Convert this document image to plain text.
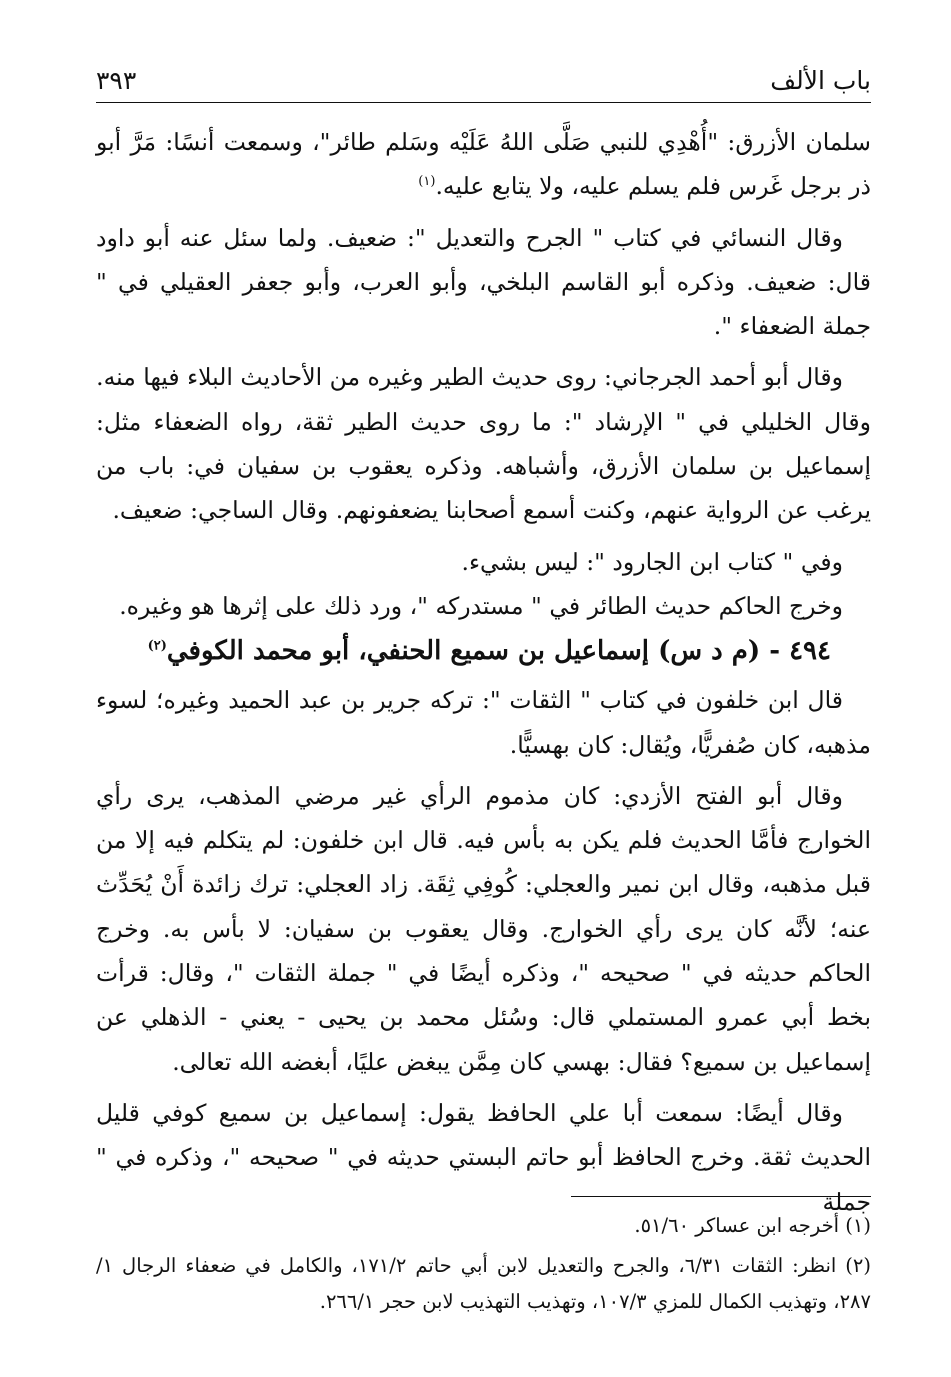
باب الألف
٣٩٣

سلمان الأزرق: "أُهْدِي للنبي صَلَّى اللهُ عَلَيْه وسَلم طائر"، وسمعت أنسًا: مَرَّ أبو ذر برجل غَرس فلم يسلم عليه، ولا يتابع عليه.$^{(١)}$

وقال النسائي في كتاب " الجرح والتعديل ": ضعيف. ولما سئل عنه أبو داود قال: ضعيف. وذكره أبو القاسم البلخي، وأبو العرب، وأبو جعفر العقيلي في " جملة الضعفاء ".

وقال أبو أحمد الجرجاني: روى حديث الطير وغيره من الأحاديث البلاء فيها منه.

وقال الخليلي في " الإرشاد ": ما روى حديث الطير ثقة، رواه الضعفاء مثل: إسماعيل بن سلمان الأزرق، وأشباهه. وذكره يعقوب بن سفيان في: باب من يرغب عن الرواية عنهم، وكنت أسمع أصحابنا يضعفونهم. وقال الساجي: ضعيف.

وفي " كتاب ابن الجارود ": ليس بشيء.

وخرج الحاكم حديث الطائر في " مستدركه "، ورد ذلك على إثرها هو وغيره.

٤٩٤ - (م د س) إسماعيل بن سميع الحنفي، أبو محمد الكوفي$^{(٢)}$

قال ابن خلفون في كتاب " الثقات ": تركه جرير بن عبد الحميد وغيره؛ لسوء مذهبه، كان صُفريًّا، ويُقال: كان بهسيًّا.

وقال أبو الفتح الأزدي: كان مذموم الرأي غير مرضي المذهب، يرى رأي الخوارج فأمَّا الحديث فلم يكن به بأس فيه. قال ابن خلفون: لم يتكلم فيه إلا من قبل مذهبه، وقال ابن نمير والعجلي: كُوفِي ثِقَة. زاد العجلي: ترك زائدة أَنْ يُحَدِّث عنه؛ لأنَّه كان يرى رأي الخوارج. وقال يعقوب بن سفيان: لا بأس به. وخرج الحاكم حديثه في " صحيحه "، وذكره أيضًا في " جملة الثقات "، وقال: قرأت بخط أبي عمرو المستملي قال: وسُئل محمد بن يحيى - يعني - الذهلي عن إسماعيل بن سميع؟ فقال: بهسي كان مِمَّن يبغض عليًا، أبغضه الله تعالى.

وقال أيضًا: سمعت أبا علي الحافظ يقول: إسماعيل بن سميع كوفي قليل الحديث ثقة. وخرج الحافظ أبو حاتم البستي حديثه في " صحيحه "، وذكره في " جملة

(١) أخرجه ابن عساكر ٥١/٦٠.

(٢) انظر: الثقات ٦/٣١، والجرح والتعديل لابن أبي حاتم ١٧١/٢، والكامل في ضعفاء الرجال ١/ ٢٨٧، وتهذيب الكمال للمزي ١٠٧/٣، وتهذيب التهذيب لابن حجر ٢٦٦/١.
